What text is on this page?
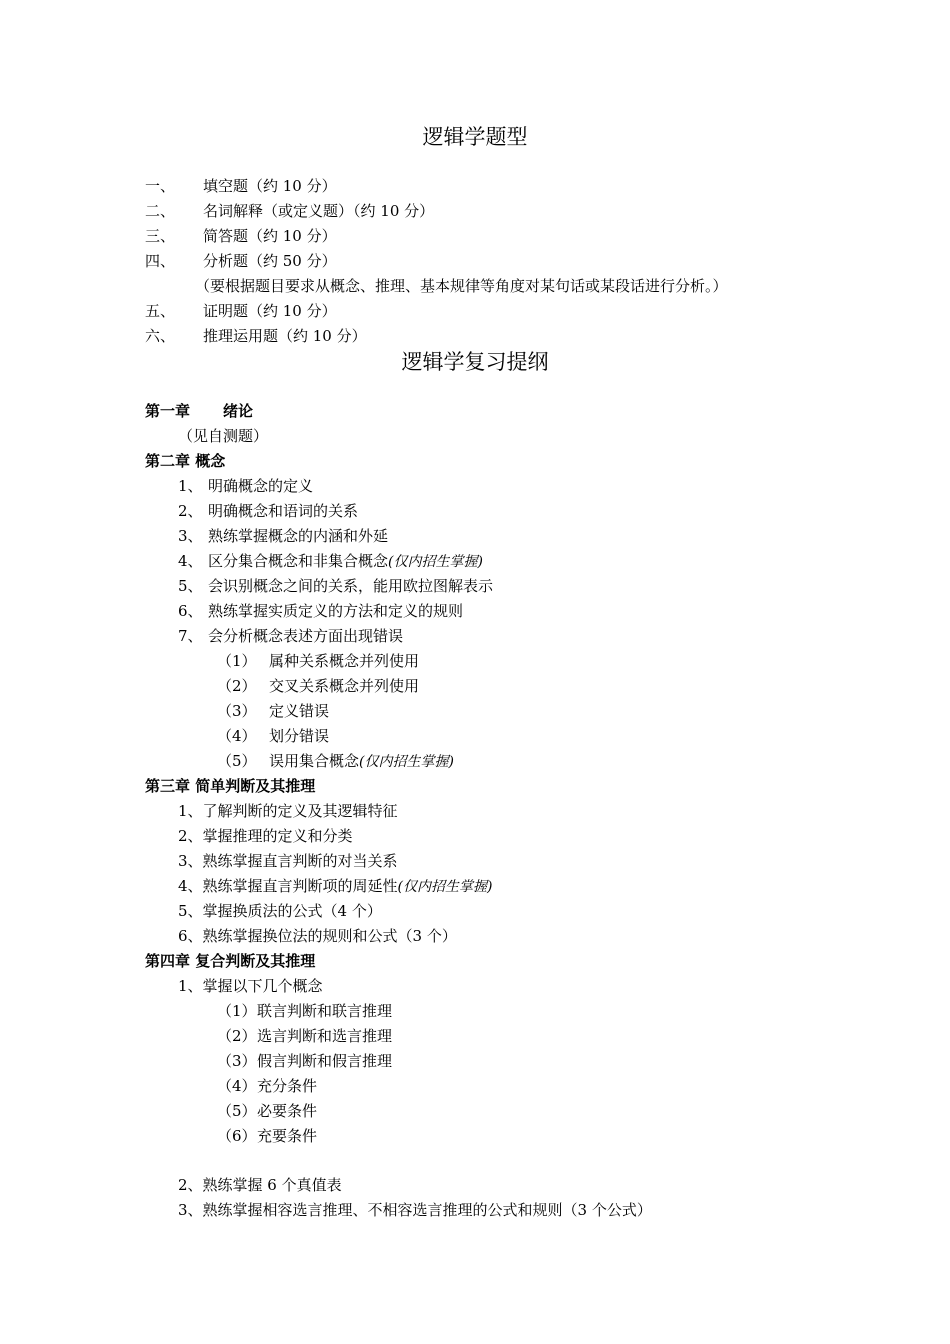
逻辑学题型
一、 填空题（约 10 分）
二、 名词解释（或定义题）（约 10 分）
三、 简答题（约 10 分）
四、 分析题（约 50 分）
（要根据题目要求从概念、推理、基本规律等角度对某句话或某段话进行分析。）
五、 证明题（约 10 分）
六、 推理运用题（约 10 分）
逻辑学复习提纲
第一章 绪论
（见自测题）
第二章 概念
1、 明确概念的定义
2、 明确概念和语词的关系
3、 熟练掌握概念的内涵和外延
4、 区分集合概念和非集合概念(仅内招生掌握)
5、 会识别概念之间的关系，能用欧拉图解表示
6、 熟练掌握实质定义的方法和定义的规则
7、 会分析概念表述方面出现错误
（1） 属种关系概念并列使用
（2） 交叉关系概念并列使用
（3） 定义错误
（4） 划分错误
（5） 误用集合概念(仅内招生掌握)
第三章 简单判断及其推理
1、了解判断的定义及其逻辑特征
2、掌握推理的定义和分类
3、熟练掌握直言判断的对当关系
4、熟练掌握直言判断项的周延性(仅内招生掌握)
5、掌握换质法的公式（4 个）
6、熟练掌握换位法的规则和公式（3 个）
第四章 复合判断及其推理
1、掌握以下几个概念
（1）联言判断和联言推理
（2）选言判断和选言推理
（3）假言判断和假言推理
（4）充分条件
（5）必要条件
（6）充要条件
2、熟练掌握 6 个真值表
3、熟练掌握相容选言推理、不相容选言推理的公式和规则（3 个公式）
